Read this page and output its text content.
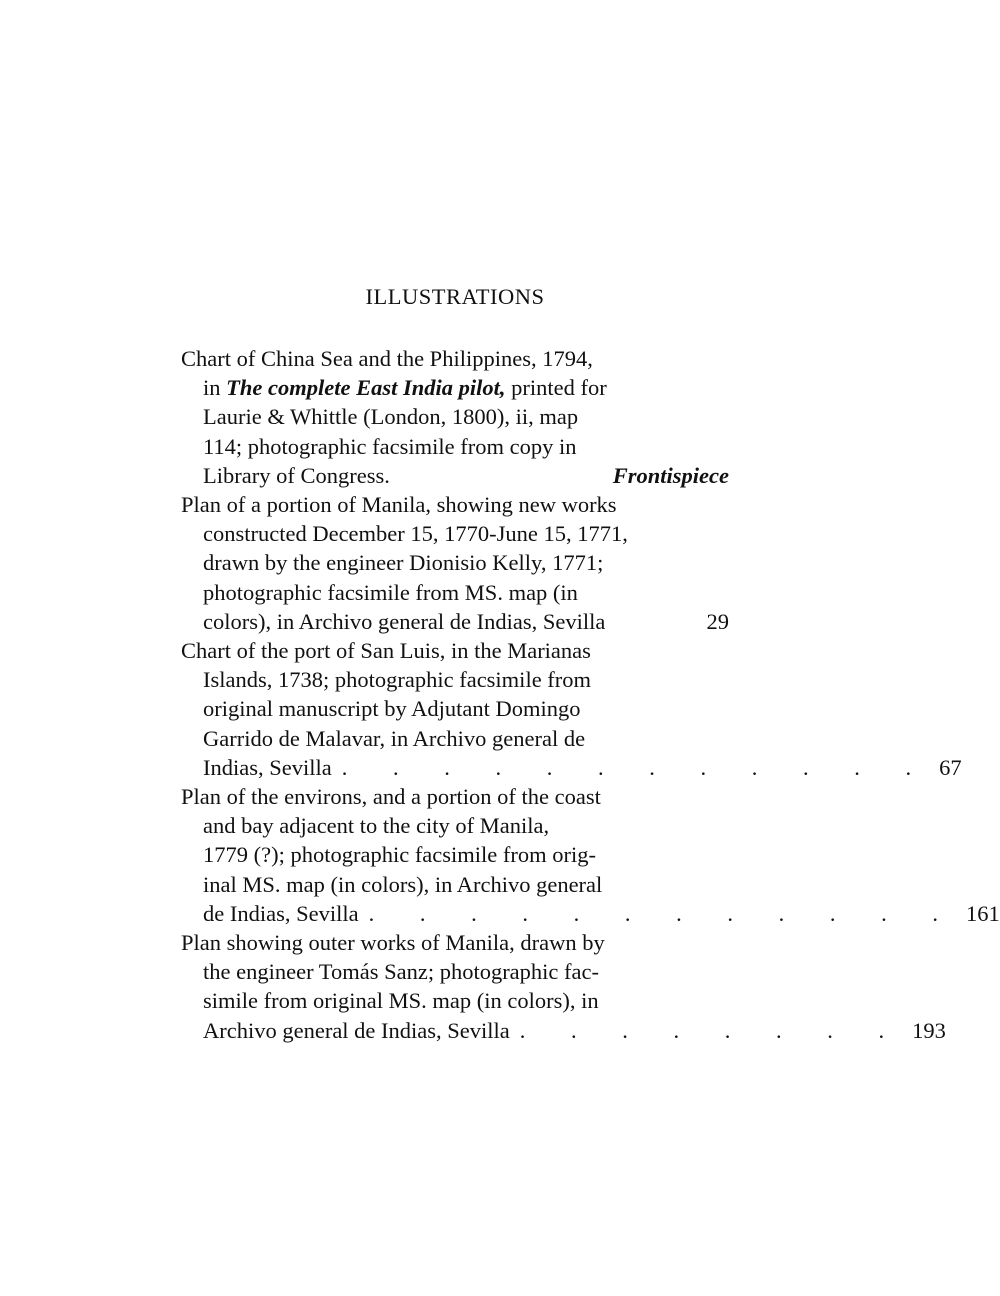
ILLUSTRATIONS
Chart of China Sea and the Philippines, 1794,
in The complete East India pilot, printed for
Laurie & Whittle (London, 1800), ii, map
114; photographic facsimile from copy in
Library of Congress.	Frontispiece
Plan of a portion of Manila, showing new works
constructed December 15, 1770-June 15, 1771,
drawn by the engineer Dionisio Kelly, 1771;
photographic facsimile from MS. map (in
colors), in Archivo general de Indias, Sevilla	29
Chart of the port of San Luis, in the Marianas
Islands, 1738; photographic facsimile from
original manuscript by Adjutant Domingo
Garrido de Malavar, in Archivo general de
Indias, Sevilla . . . . . . . . . . . . 67
Plan of the environs, and a portion of the coast
and bay adjacent to the city of Manila,
1779 (?); photographic facsimile from orig-
inal MS. map (in colors), in Archivo general
de Indias, Sevilla . . . . . . . . . . . . 161
Plan showing outer works of Manila, drawn by
the engineer Tomás Sanz; photographic fac-
simile from original MS. map (in colors), in
Archivo general de Indias, Sevilla . . . . . . . . 193
